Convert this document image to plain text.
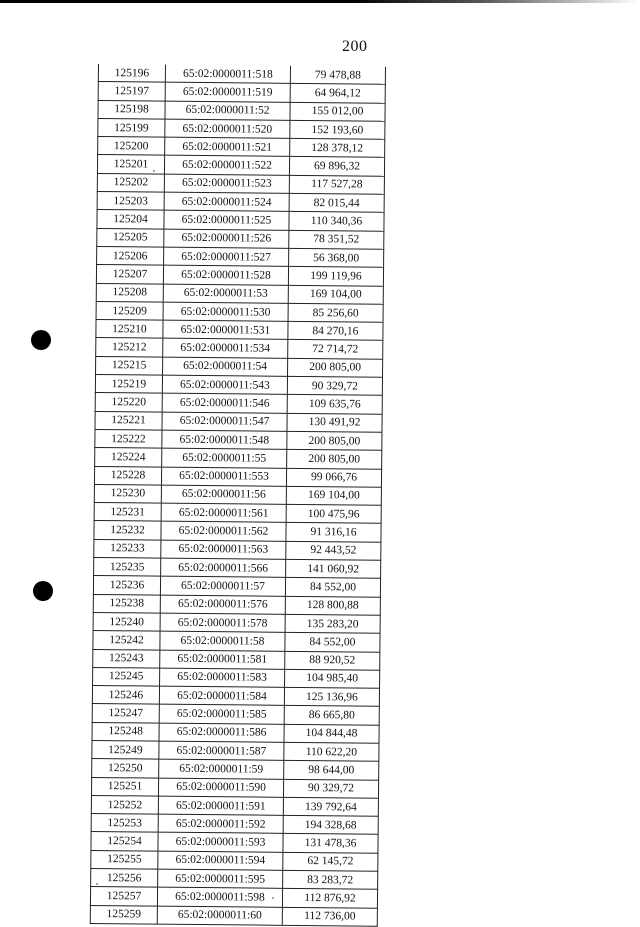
200
125196	65:02:0000011:518	79 478,88
125197	65:02:0000011:519	64 964,12
125198	65:02:0000011:52	155 012,00
125199	65:02:0000011:520	152 193,60
125200	65:02:0000011:521	128 378,12
125201	65:02:0000011:522	69 896,32
125202	65:02:0000011:523	117 527,28
125203	65:02:0000011:524	82 015,44
125204	65:02:0000011:525	110 340,36
125205	65:02:0000011:526	78 351,52
125206	65:02:0000011:527	56 368,00
125207	65:02:0000011:528	199 119,96
125208	65:02:0000011:53	169 104,00
125209	65:02:0000011:530	85 256,60
125210	65:02:0000011:531	84 270,16
125212	65:02:0000011:534	72 714,72
125215	65:02:0000011:54	200 805,00
125219	65:02:0000011:543	90 329,72
125220	65:02:0000011:546	109 635,76
125221	65:02:0000011:547	130 491,92
125222	65:02:0000011:548	200 805,00
125224	65:02:0000011:55	200 805,00
125228	65:02:0000011:553	99 066,76
125230	65:02:0000011:56	169 104,00
125231	65:02:0000011:561	100 475,96
125232	65:02:0000011:562	91 316,16
125233	65:02:0000011:563	92 443,52
125235	65:02:0000011:566	141 060,92
125236	65:02:0000011:57	84 552,00
125238	65:02:0000011:576	128 800,88
125240	65:02:0000011:578	135 283,20
125242	65:02:0000011:58	84 552,00
125243	65:02:0000011:581	88 920,52
125245	65:02:0000011:583	104 985,40
125246	65:02:0000011:584	125 136,96
125247	65:02:0000011:585	86 665,80
125248	65:02:0000011:586	104 844,48
125249	65:02:0000011:587	110 622,20
125250	65:02:0000011:59	98 644,00
125251	65:02:0000011:590	90 329,72
125252	65:02:0000011:591	139 792,64
125253	65:02:0000011:592	194 328,68
125254	65:02:0000011:593	131 478,36
125255	65:02:0000011:594	62 145,72
125256	65:02:0000011:595	83 283,72
125257	65:02:0000011:598	112 876,92
125259	65:02:0000011:60	112 736,00
